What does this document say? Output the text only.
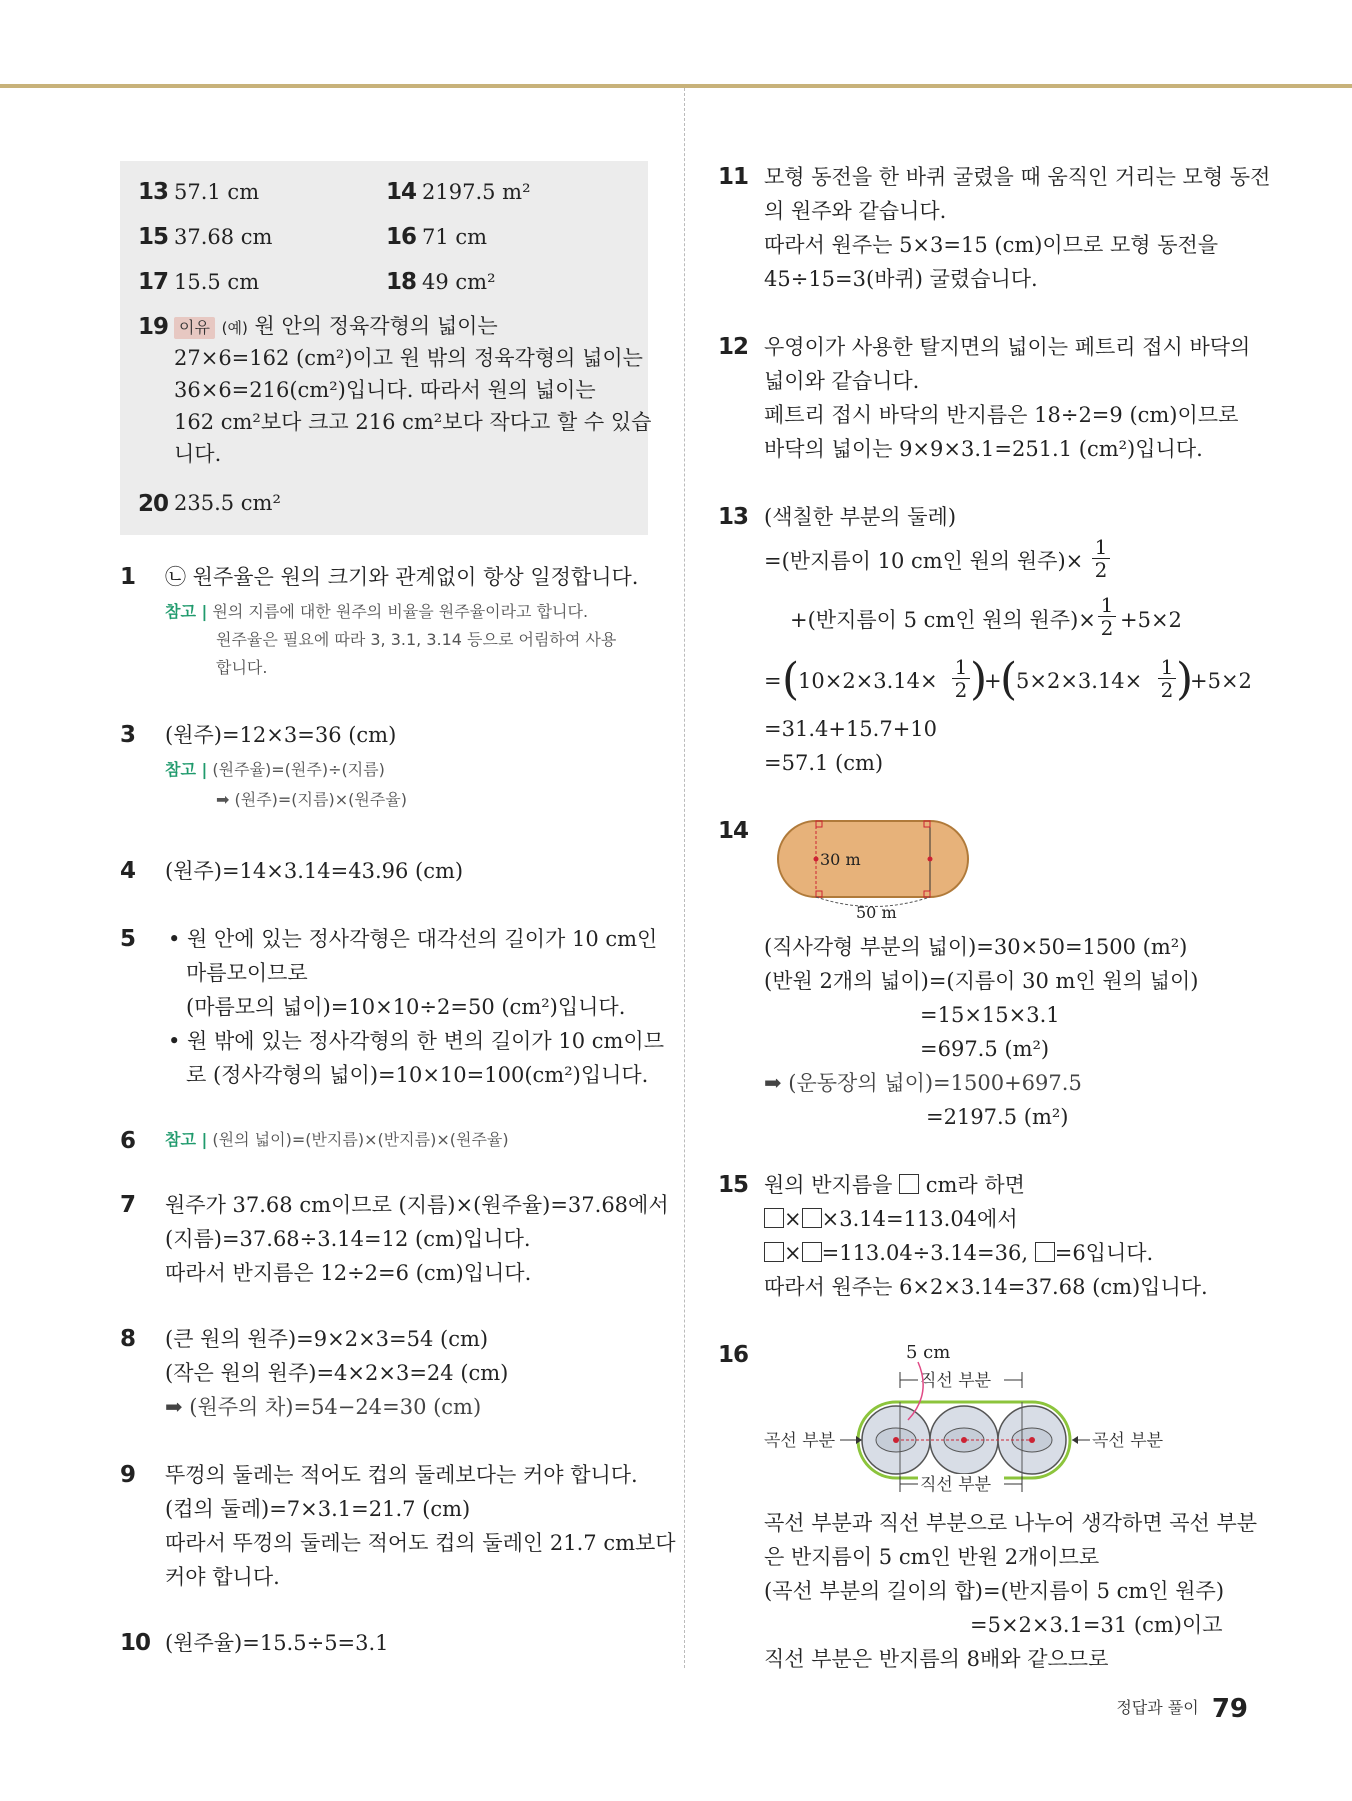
13 57.1 cm	14 2197.5 m²
15 37.68 cm	16 71 cm
17 15.5 cm	18 49 cm²
19 이유 (예) 원 안의 정육각형의 넓이는
27×6=162 (cm²)이고 원 밖의 정육각형의 넓이는
36×6=216(cm²)입니다. 따라서 원의 넓이는
162 cm²보다 크고 216 cm²보다 작다고 할 수 있습
니다.
20 235.5 cm²
1 ㉡ 원주율은 원의 크기와 관계없이 항상 일정합니다.
참고 | 원의 지름에 대한 원주의 비율을 원주율이라고 합니다.
원주율은 필요에 따라 3, 3.1, 3.14 등으로 어림하여 사용
합니다.
3 (원주)=12×3=36 (cm)
참고 | (원주율)=(원주)÷(지름)
➡ (원주)=(지름)×(원주율)
4 (원주)=14×3.14=43.96 (cm)
5 • 원 안에 있는 정사각형은 대각선의 길이가 10 cm인
마름모이므로
(마름모의 넓이)=10×10÷2=50 (cm²)입니다.
• 원 밖에 있는 정사각형의 한 변의 길이가 10 cm이므
로 (정사각형의 넓이)=10×10=100(cm²)입니다.
6 참고 | (원의 넓이)=(반지름)×(반지름)×(원주율)
7 원주가 37.68 cm이므로 (지름)×(원주율)=37.68에서
(지름)=37.68÷3.14=12 (cm)입니다.
따라서 반지름은 12÷2=6 (cm)입니다.
8 (큰 원의 원주)=9×2×3=54 (cm)
(작은 원의 원주)=4×2×3=24 (cm)
➡ (원주의 차)=54−24=30 (cm)
9 뚜껑의 둘레는 적어도 컵의 둘레보다는 커야 합니다.
(컵의 둘레)=7×3.1=21.7 (cm)
따라서 뚜껑의 둘레는 적어도 컵의 둘레인 21.7 cm보다
커야 합니다.
10 (원주율)=15.5÷5=3.1
11 모형 동전을 한 바퀴 굴렸을 때 움직인 거리는 모형 동전
의 원주와 같습니다.
따라서 원주는 5×3=15 (cm)이므로 모형 동전을
45÷15=3(바퀴) 굴렸습니다.
12 우영이가 사용한 탈지면의 넓이는 페트리 접시 바닥의
넓이와 같습니다.
페트리 접시 바닥의 반지름은 18÷2=9 (cm)이므로
바닥의 넓이는 9×9×3.1=251.1 (cm²)입니다.
13 (색칠한 부분의 둘레)
=(반지름이 10 cm인 원의 원주)× $\frac{1}{2}$
+(반지름이 5 cm인 원의 원주)× $\frac{1}{2} +5\times 2$
= (
$10\times 2\times 3.14\times \frac{1}{2}$ )
+
(
$5\times 2\times 3.14\times \frac{1}{2}$ )
+5×2
=31.4+15.7+10
=57.1 (cm)
14
30 m
50 m
(직사각형 부분의 넓이)=30×50=1500 (m²)
(반원 2개의 넓이)=(지름이 30 m인 원의 넓이)
=15×15×3.1
=697.5 (m²)
➡ (운동장의 넓이)=1500+697.5
=2197.5 (m²)
15 원의 반지름을  cm라 하면
× ×3.14=113.04에서
× =113.04÷3.14=36, =6입니다.
따라서 원주는 6×2×3.14=37.68 (cm)입니다.
16	5 cm
직선 부분
곡선 부분	곡선 부분
직선 부분
곡선 부분과 직선 부분으로 나누어 생각하면 곡선 부분
은 반지름이 5 cm인 반원 2개이므로
(곡선 부분의 길이의 합)=(반지름이 5 cm인 원주)
=5×2×3.1=31 (cm)이고
직선 부분은 반지름의 8배와 같으므로
정답과 풀이 79
